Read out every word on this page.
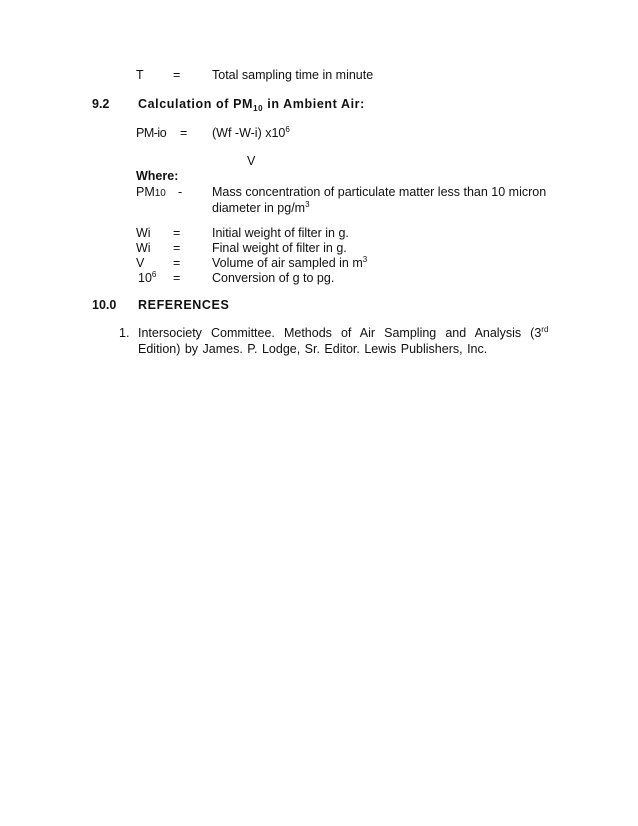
T =	Total sampling time in minute
9.2 Calculation of $PM_{10}$ in Ambient Air:
PM-io = (Wf -W-i) $x10^6$
V
Where:
PM10 - Mass concentration of particulate matter less than 10 micron
diameter in $pg/m^3$
Wi =	Initial weight of filter in g.
Wi =	Final weight of filter in g.
V =	Volume of air sampled in $m^3$
$10^6$ =	Conversion of g to pg.
10.0 REFERENCES
1. Intersociety Committee. Methods of Air Sampling and Analysis (3rd
Edition) by James. P. Lodge, Sr. Editor. Lewis Publishers, Inc.
